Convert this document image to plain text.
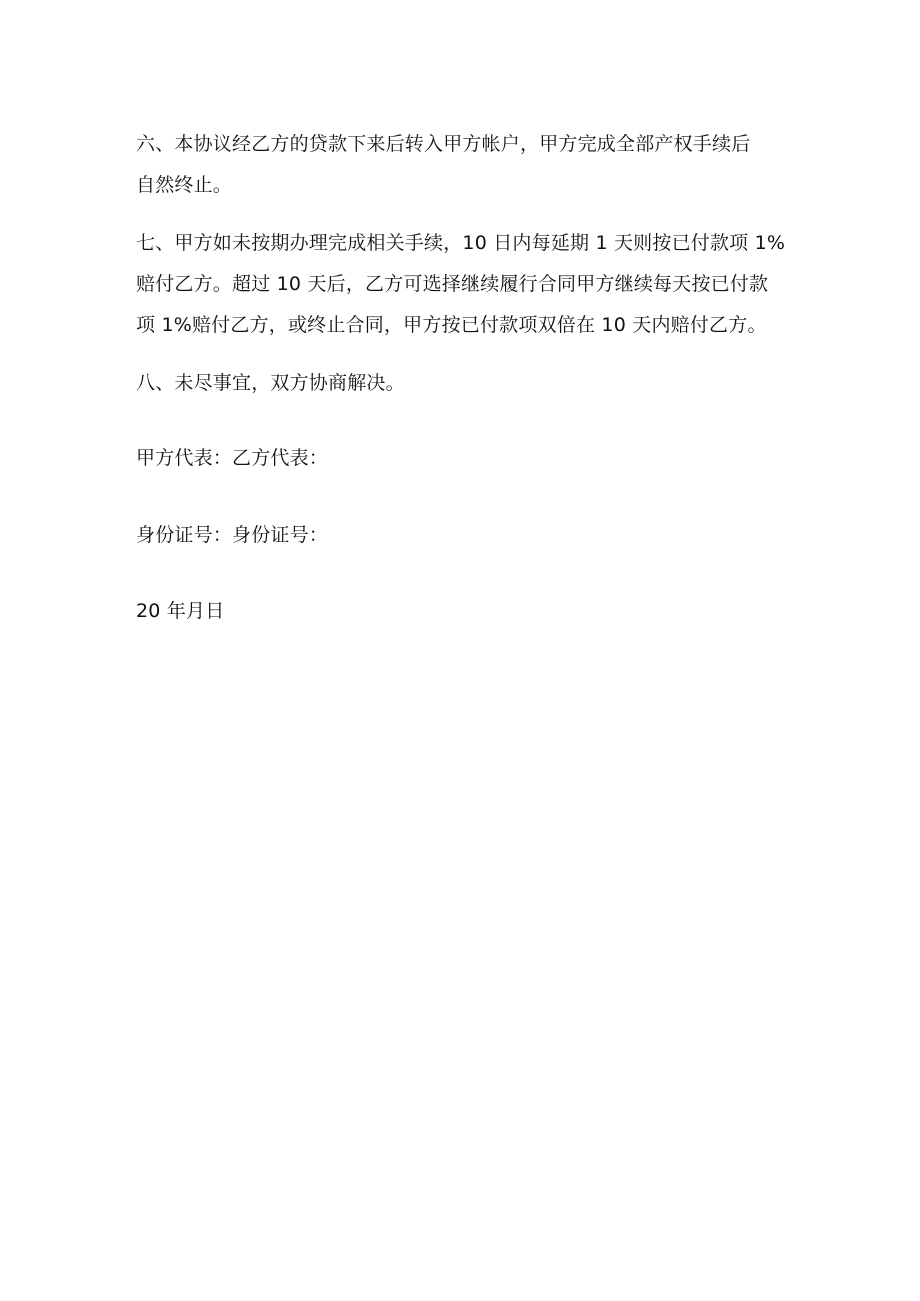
六、本协议经乙方的贷款下来后转入甲方帐户，甲方完成全部产权手续后
自然终止。

七、甲方如未按期办理完成相关手续，10 日内每延期 1 天则按已付款项 1%
赔付乙方。超过 10 天后，乙方可选择继续履行合同甲方继续每天按已付款
项 1%赔付乙方，或终止合同，甲方按已付款项双倍在 10 天内赔付乙方。

八、未尽事宜，双方协商解决。

甲方代表：乙方代表：

身份证号：身份证号：

20 年月日
